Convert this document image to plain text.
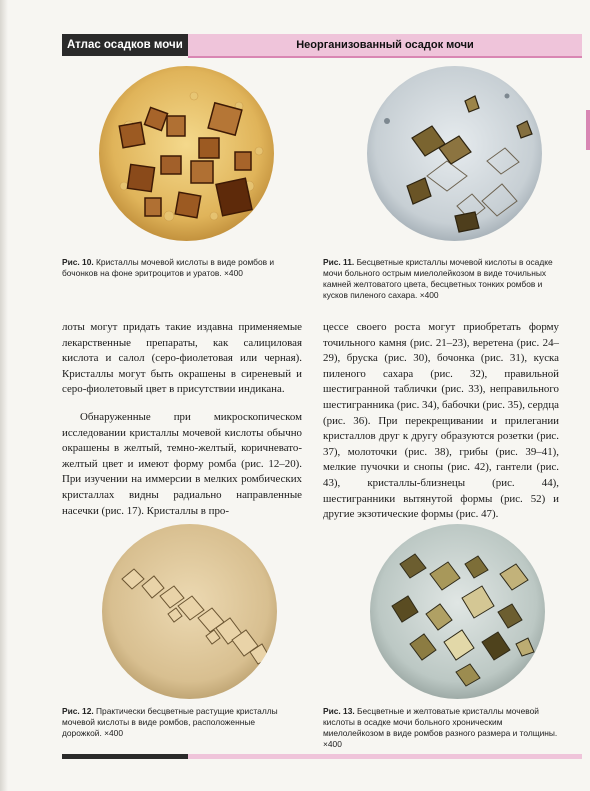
Атлас осадков мочи	Неорганизованный осадок мочи
Рис. 10. Кристаллы мочевой кислоты в виде ромбов и бочонков на фоне эритроцитов и уратов. ×400
Рис. 11. Бесцветные кристаллы мочевой кислоты в осадке мочи больного острым миелолейкозом в виде точильных камней желтоватого цвета, бесцветных тонких ромбов и кусков пиленого сахара. ×400

лоты могут придать такие издавна применяемые лекарственные препараты, как салициловая кислота и салол (серо-фиолетовая или черная). Кристаллы могут быть окрашены в сиреневый и серо-фиолетовый цвет в присутствии индикана.

Обнаруженные при микроскопическом исследовании кристаллы мочевой кислоты обычно окрашены в желтый, темно-желтый, коричневато-желтый цвет и имеют форму ромба (рис. 12–20). При изучении на иммерсии в мелких ромбических кристаллах видны радиально направленные насечки (рис. 17). Кристаллы в про-

цессе своего роста могут приобретать форму точильного камня (рис. 21–23), веретена (рис. 24–29), бруска (рис. 30), бочонка (рис. 31), куска пиленого сахара (рис. 32), правильной шестигранной таблички (рис. 33), неправильного шестигранника (рис. 34), бабочки (рис. 35), сердца (рис. 36). При перекрещивании и прилегании кристаллов друг к другу образуются розетки (рис. 37), молоточки (рис. 38), грибы (рис. 39–41), мелкие пучочки и снопы (рис. 42), гантели (рис. 43), кристаллы-близнецы (рис. 44), шестигранники вытянутой формы (рис. 52) и другие экзотические формы (рис. 47).

Рис. 12. Практически бесцветные растущие кристаллы мочевой кислоты в виде ромбов, расположенные дорожкой. ×400
Рис. 13. Бесцветные и желтоватые кристаллы мочевой кислоты в осадке мочи больного хроническим миелолейкозом в виде ромбов разного размера и толщины. ×400
